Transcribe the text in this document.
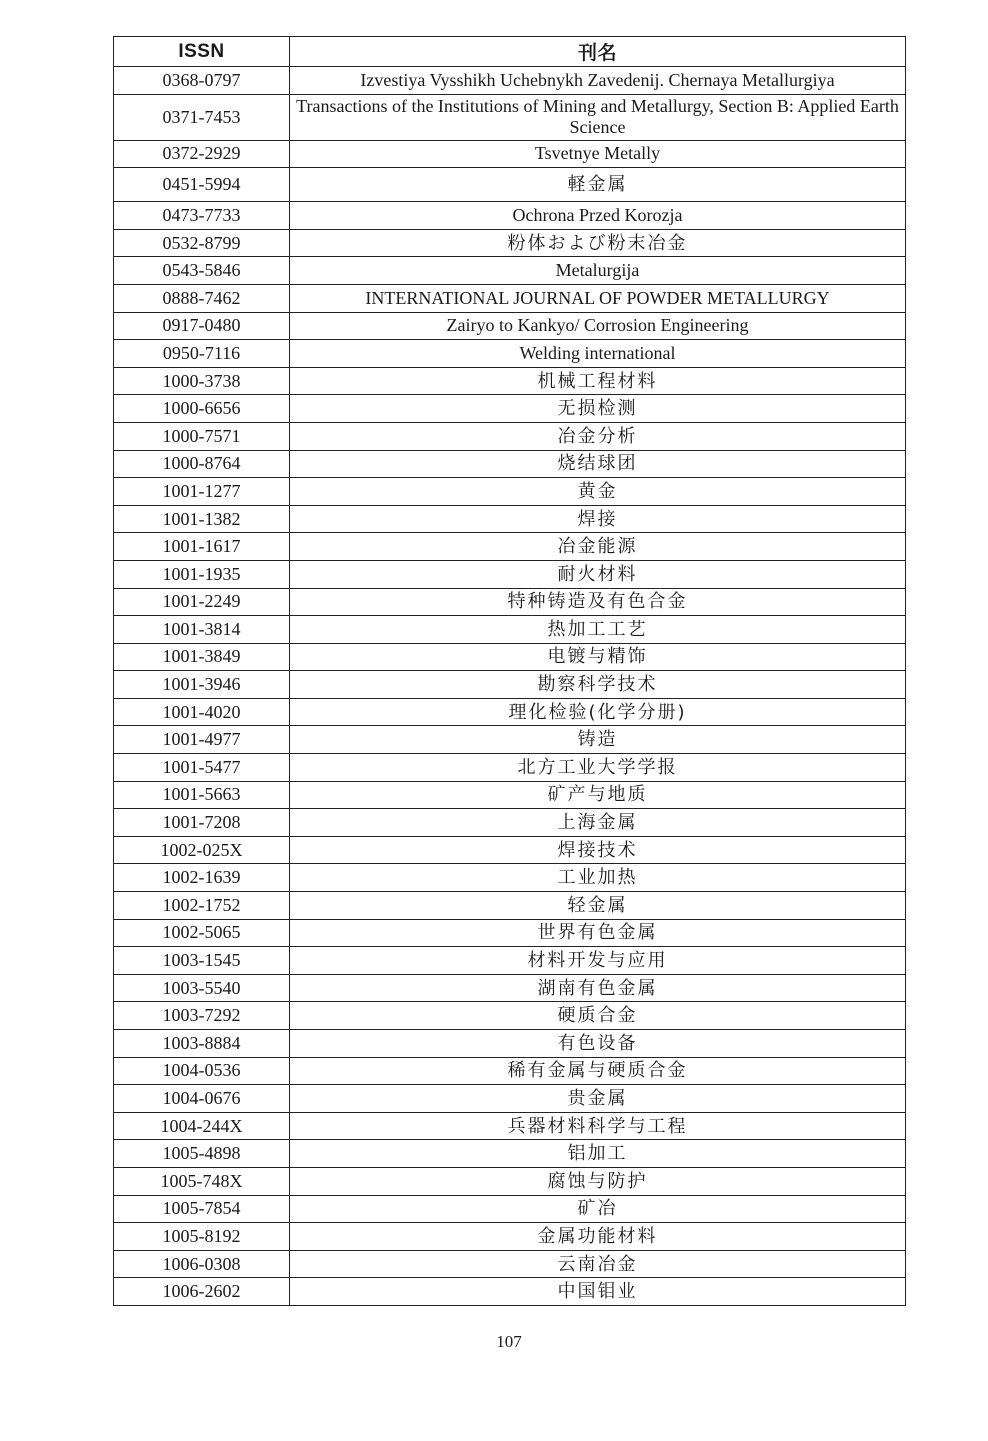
ISSN	刊名
0368-0797	Izvestiya Vysshikh Uchebnykh Zavedenij. Chernaya Metallurgiya
0371-7453	Transactions of the Institutions of Mining and Metallurgy, Section B: Applied Earth Science
0372-2929	Tsvetnye Metally
0451-5994	軽金属
0473-7733	Ochrona Przed Korozja
0532-8799	粉体および粉末冶金
0543-5846	Metalurgija
0888-7462	INTERNATIONAL JOURNAL OF POWDER METALLURGY
0917-0480	Zairyo to Kankyo/ Corrosion Engineering
0950-7116	Welding international
1000-3738	机械工程材料
1000-6656	无损检测
1000-7571	冶金分析
1000-8764	烧结球团
1001-1277	黄金
1001-1382	焊接
1001-1617	冶金能源
1001-1935	耐火材料
1001-2249	特种铸造及有色合金
1001-3814	热加工工艺
1001-3849	电镀与精饰
1001-3946	勘察科学技术
1001-4020	理化检验(化学分册)
1001-4977	铸造
1001-5477	北方工业大学学报
1001-5663	矿产与地质
1001-7208	上海金属
1002-025X	焊接技术
1002-1639	工业加热
1002-1752	轻金属
1002-5065	世界有色金属
1003-1545	材料开发与应用
1003-5540	湖南有色金属
1003-7292	硬质合金
1003-8884	有色设备
1004-0536	稀有金属与硬质合金
1004-0676	贵金属
1004-244X	兵器材料科学与工程
1005-4898	铝加工
1005-748X	腐蚀与防护
1005-7854	矿冶
1005-8192	金属功能材料
1006-0308	云南冶金
1006-2602	中国钼业
107
